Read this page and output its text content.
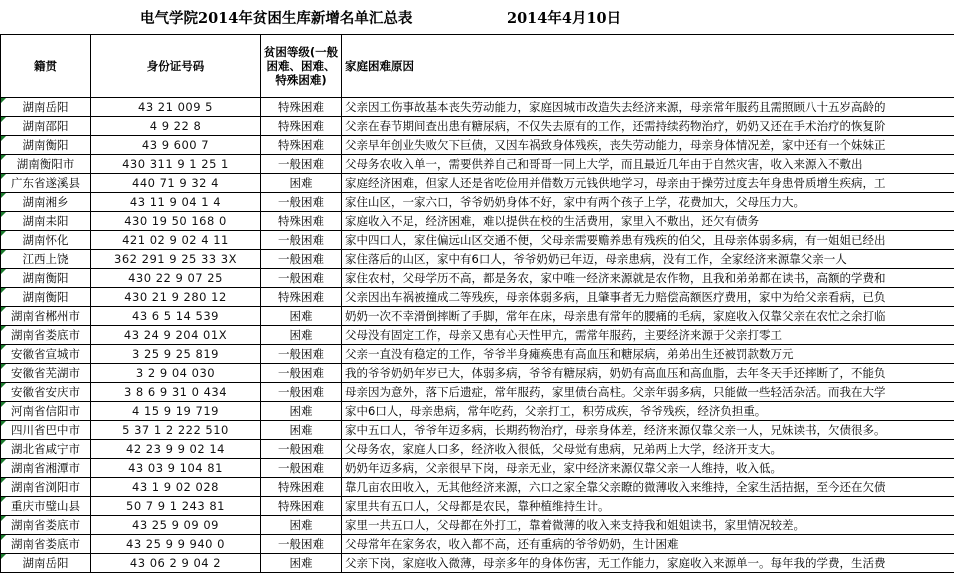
电气学院2014年贫困生库新增名单汇总表	2014年4月10日
籍贯	身份证号码	贫困等级(一般困难、困难、特殊困难)	家庭困难原因
湖南岳阳	43 21 009 5	特殊困难	父亲因工伤事故基本丧失劳动能力，家庭因城市改造失去经济来源，母亲常年服药且需照顾八十五岁高龄的
湖南邵阳	4 9 22 8	特殊困难	父亲在春节期间查出患有糖尿病，不仅失去原有的工作，还需持续药物治疗，奶奶又还在手术治疗的恢复阶
湖南衡阳	43 9 600 7	特殊困难	父亲早年创业失败欠下巨债，又因车祸致身体残疾，丧失劳动能力，母亲身体情况差，家中还有一个妹妹正
湖南衡阳市	430 311 9 1 25 1	一般困难	父母务农收入单一，需要供养自己和哥哥一同上大学，而且最近几年由于自然灾害，收入来源入不敷出
广东省遂溪县	440 71 9 32 4	困难	家庭经济困难，但家人还是省吃俭用并借数万元钱供地学习，母亲由于操劳过度去年身患骨质增生疾病，工
湖南湘乡	43 11 9 04 1 4	一般困难	家住山区，一家六口，爷爷奶奶身体不好，家中有两个孩子上学，花费加大，父母压力大。
湖南耒阳	430 19 50 168 0	特殊困难	家庭收入不足，经济困难，难以提供在校的生活费用，家里入不敷出，还欠有债务
湖南怀化	421 02 9 02 4 11	一般困难	家中四口人，家住偏远山区交通不便，父母亲需要赡养患有残疾的伯父，且母亲体弱多病，有一姐姐已经出
江西上饶	362 291 9 25 33 3X	一般困难	家住落后的山区，家中有6口人，爷爷奶奶已年迈，母亲患病，没有工作，全家经济来源靠父亲一人
湖南衡阳	430 22 9 07 25	一般困难	家住农村，父母学历不高，都是务农，家中唯一经济来源就是农作物，且我和弟弟都在读书，高额的学费和
湖南衡阳	430 21 9 280 12	特殊困难	父亲因出车祸被撞成二等残疾，母亲体弱多病，且肇事者无力赔偿高额医疗费用，家中为给父亲看病，已负
湖南省郴州市	43 6 5 14 539	困难	奶奶一次不幸滑倒摔断了手脚，常年在床，母亲患有常年的腰痛的毛病，家庭收入仅靠父亲在农忙之余打临
湖南省娄底市	43 24 9 204 01X	困难	父母没有固定工作，母亲又患有心天性甲亢，需常年服药，主要经济来源于父亲打零工
安徽省宣城市	3 25 9 25 819	一般困难	父亲一直没有稳定的工作，爷爷半身瘫痪患有高血压和糖尿病，弟弟出生还被罚款数万元
安徽省芜湖市	3 2 9 04 030	一般困难	我的爷爷奶奶年岁已大，体弱多病，爷爷有糖尿病，奶奶有高血压和高血脂，去年冬天手还摔断了，不能负
安徽省安庆市	3 8 6 9 31 0 434	一般困难	母亲因为意外，落下后遗症，常年服药，家里债台高柱。父亲年弱多病，只能做一些轻活杂活。而我在大学
河南省信阳市	4 15 9 19 719	困难	家中6口人，母亲患病，常年吃药，父亲打工，积劳成疾，爷爷残疾，经济负担重。
四川省巴中市	5 37 1 2 222 510	困难	家中五口人，爷爷年迈多病，长期药物治疗，母亲身体差，经济来源仅靠父亲一人，兄妹读书，欠债很多。
湖北省咸宁市	42 23 9 9 02 14	一般困难	父母务农，家庭人口多，经济收入很低，父母觉有患病，兄弟两上大学，经济开支大。
湖南省湘潭市	43 03 9 104 81	一般困难	奶奶年迈多病，父亲很早下岗，母亲无业，家中经济来源仅靠父亲一人维持，收入低。
湖南省浏阳市	43 1 9 02 028	特殊困难	靠几亩农田收入，无其他经济来源，六口之家全靠父亲瞭的微薄收入来维持，全家生活拮据，至今还在欠债
重庆市璧山县	50 7 9 1 243 81	特殊困难	家里共有五口人，父母都是农民，靠种植维持生计。
湖南省娄底市	43 25 9 09 09	困难	家里一共五口人，父母都在外打工，靠着微薄的收入来支持我和姐姐读书，家里情况较差。
湖南省娄底市	43 25 9 9 940 0	一般困难	父母常年在家务农，收入都不高，还有重病的爷爷奶奶，生计困难
湖南岳阳	43 06 2 9 04 2	困难	父亲下岗，家庭收入微薄，母亲多年的身体伤害，无工作能力，家庭收入来源单一。每年我的学费，生活费
